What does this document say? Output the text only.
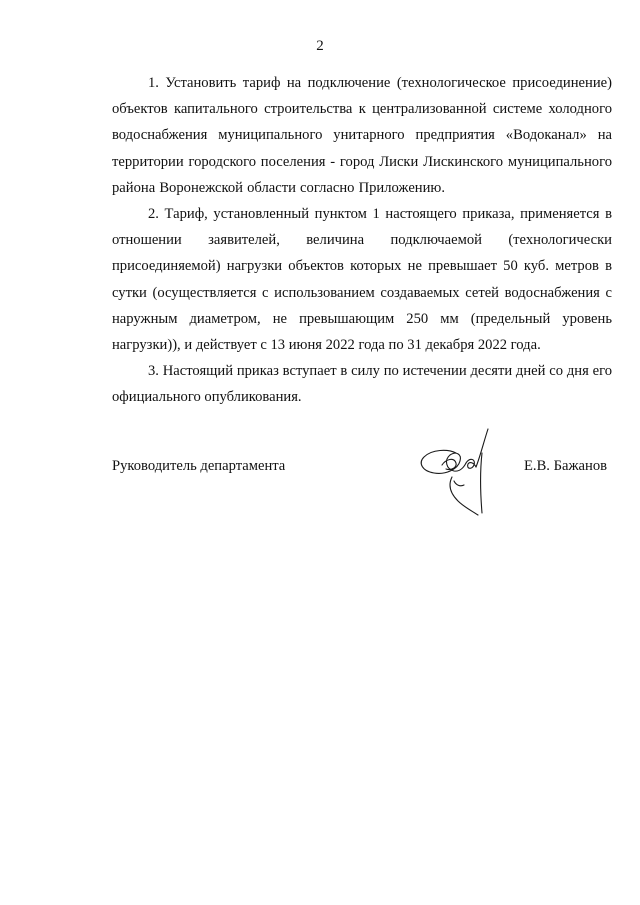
2

1. Установить тариф на подключение (технологическое присоединение) объектов капитального строительства к централизованной системе холодного водоснабжения муниципального унитарного предприятия «Водоканал» на территории городского поселения - город Лиски Лискинского муниципального района Воронежской области согласно Приложению.

2. Тариф, установленный пунктом 1 настоящего приказа, применяется в отношении заявителей, величина подключаемой (технологически присоединяемой) нагрузки объектов которых не превышает 50 куб. метров в сутки (осуществляется с использованием создаваемых сетей водоснабжения с наружным диаметром, не превышающим 250 мм (предельный уровень нагрузки)), и действует с 13 июня 2022 года по 31 декабря 2022 года.

3. Настоящий приказ вступает в силу по истечении десяти дней со дня его официального опубликования.

Руководитель департамента	Е.В. Бажанов
